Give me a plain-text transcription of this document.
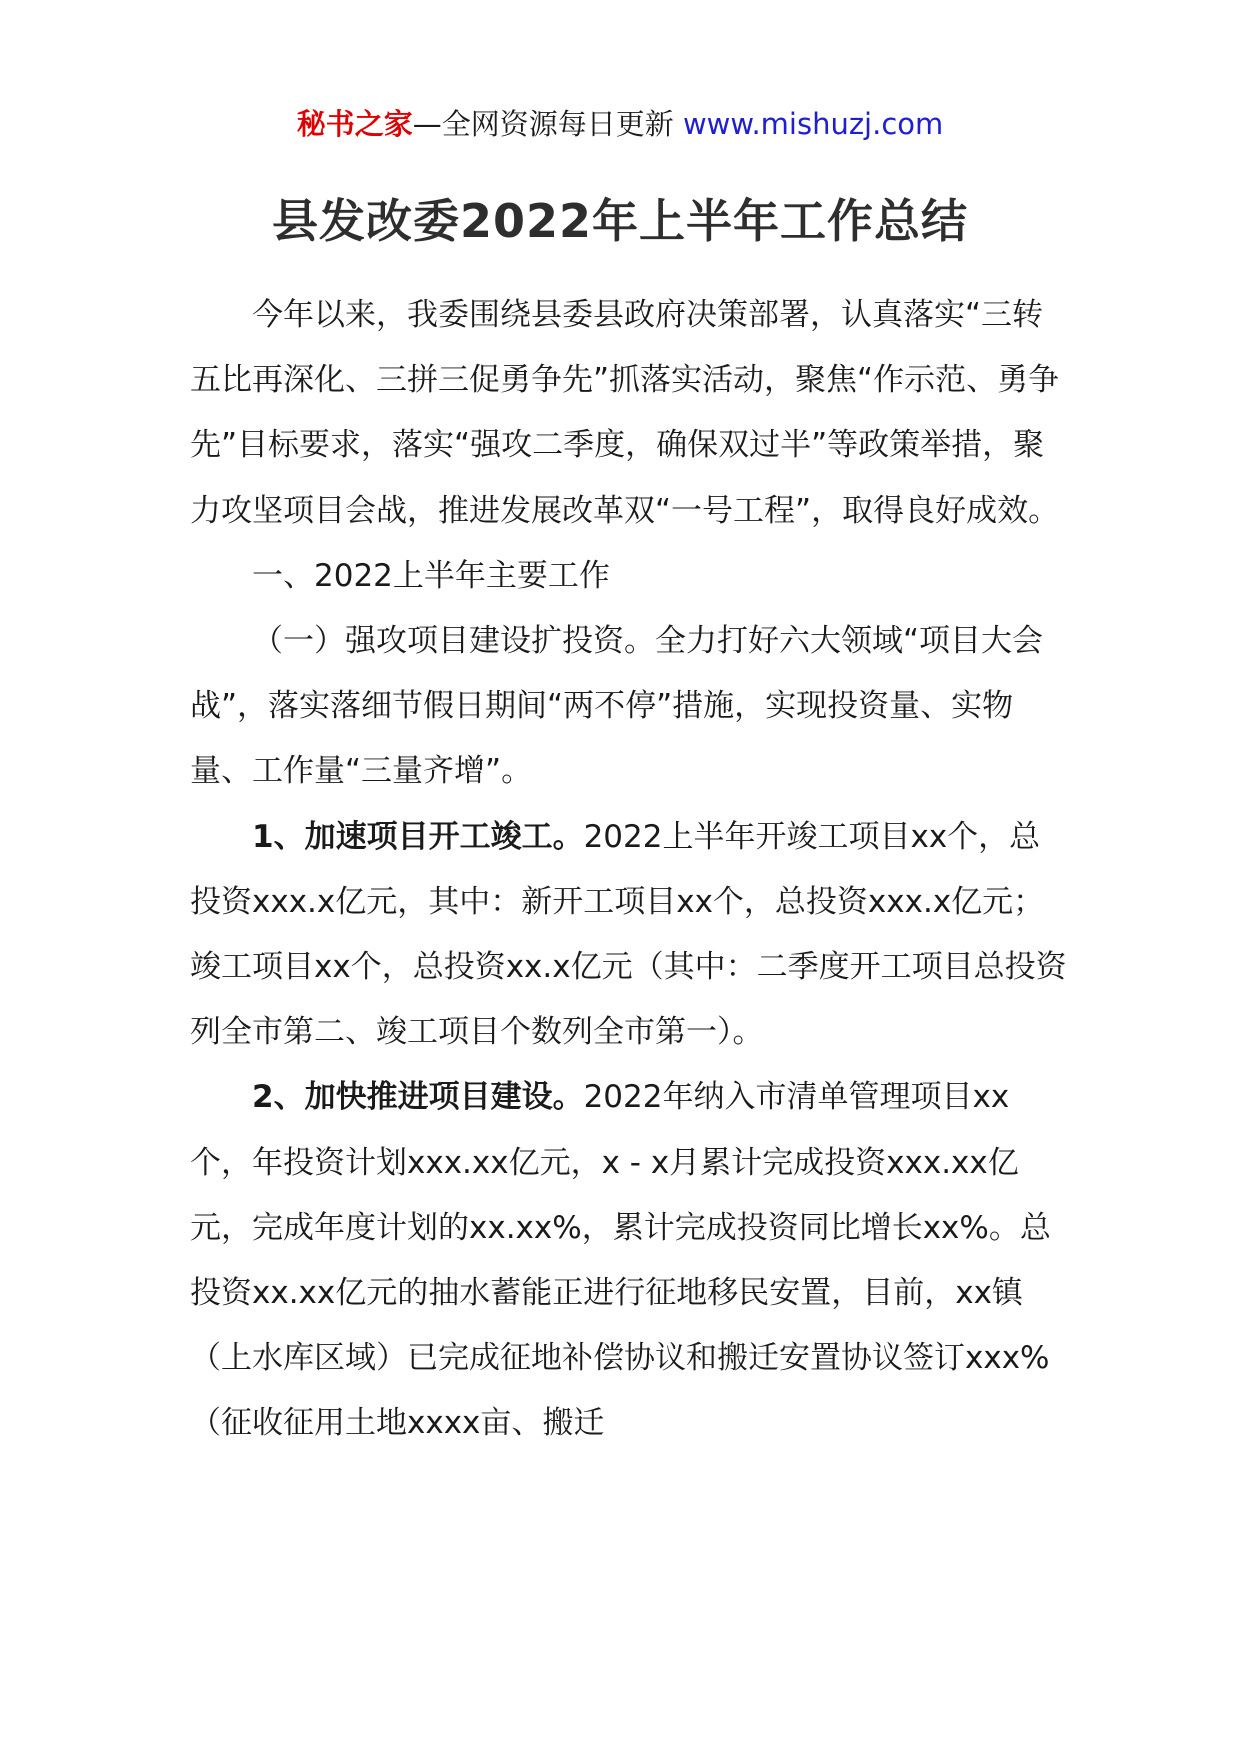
秘书之家—全网资源每日更新 www.mishuzj.com
县发改委2022年上半年工作总结

今年以来，我委围绕县委县政府决策部署，认真落实“三转五比再深化、三拼三促勇争先”抓落实活动，聚焦“作示范、勇争先”目标要求，落实“强攻二季度，确保双过半”等政策举措，聚力攻坚项目会战，推进发展改革双“一号工程”，取得良好成效。

一、2022上半年主要工作

（一）强攻项目建设扩投资。全力打好六大领域“项目大会战”，落实落细节假日期间“两不停”措施，实现投资量、实物量、工作量“三量齐增”。

1、加速项目开工竣工。2022上半年开竣工项目xx个，总投资xxx.x亿元，其中：新开工项目xx个，总投资xxx.x亿元；竣工项目xx个，总投资xx.x亿元（其中：二季度开工项目总投资列全市第二、竣工项目个数列全市第一）。

2、加快推进项目建设。2022年纳入市清单管理项目xx个，年投资计划xxx.xx亿元，x - x月累计完成投资xxx.xx亿元，完成年度计划的xx.xx%，累计完成投资同比增长xx%。总投资xx.xx亿元的抽水蓄能正进行征地移民安置，目前，xx镇（上水库区域）已完成征地补偿协议和搬迁安置协议签订xxx%（征收征用土地xxxx亩、搬迁
